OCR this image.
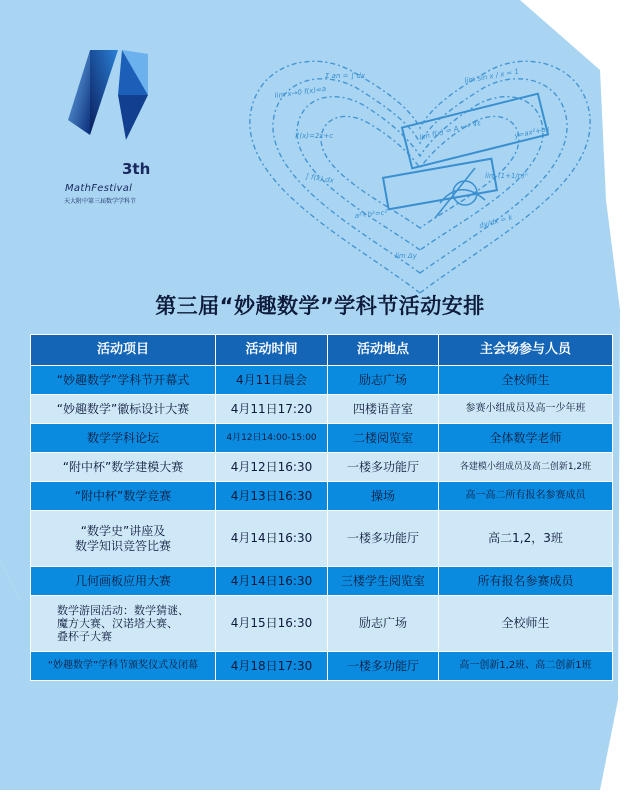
3th
MathFestival
天大附中第三届数学学科节
lim x→0 f(x)=a
Σ an = ∫ dx	lim sin x / x = 1
f'(x)=2x+c	y=ax²+bx
∫ f(x) dx	lim (1+1/n)ⁿ
a²+b²=c²	dy/dx = k
lim Δy
lim f(x) = A ⟺ ∀ε
第三届“妙趣数学”学科节活动安排
活动项目	活动时间	活动地点	主会场参与人员

“妙趣数学”学科节开幕式	4月11日晨会	励志广场	全校师生

“妙趣数学”徽标设计大赛	4月11日17:20	四楼语音室	参赛小组成员及高一少年班

数学学科论坛	4月12日14:00-15:00	二楼阅览室	全体数学老师

“附中杯”数学建模大赛	4月12日16:30	一楼多功能厅	各建模小组成员及高二创新1,2班

“附中杯”数学竞赛	4月13日16:30	操场	高一高二所有报名参赛成员

“数学史”讲座及
数学知识竞答比赛	4月14日16:30	一楼多功能厅	高二1,2，3班

几何画板应用大赛	4月14日16:30	三楼学生阅览室	所有报名参赛成员

数学游园活动：数学猜谜、
魔方大赛、汉诺塔大赛、
叠杯子大赛	4月15日16:30	励志广场	全校师生

“妙趣数学”学科节颁奖仪式及闭幕	4月18日17:30	一楼多功能厅	高一创新1,2班、高二创新1班
